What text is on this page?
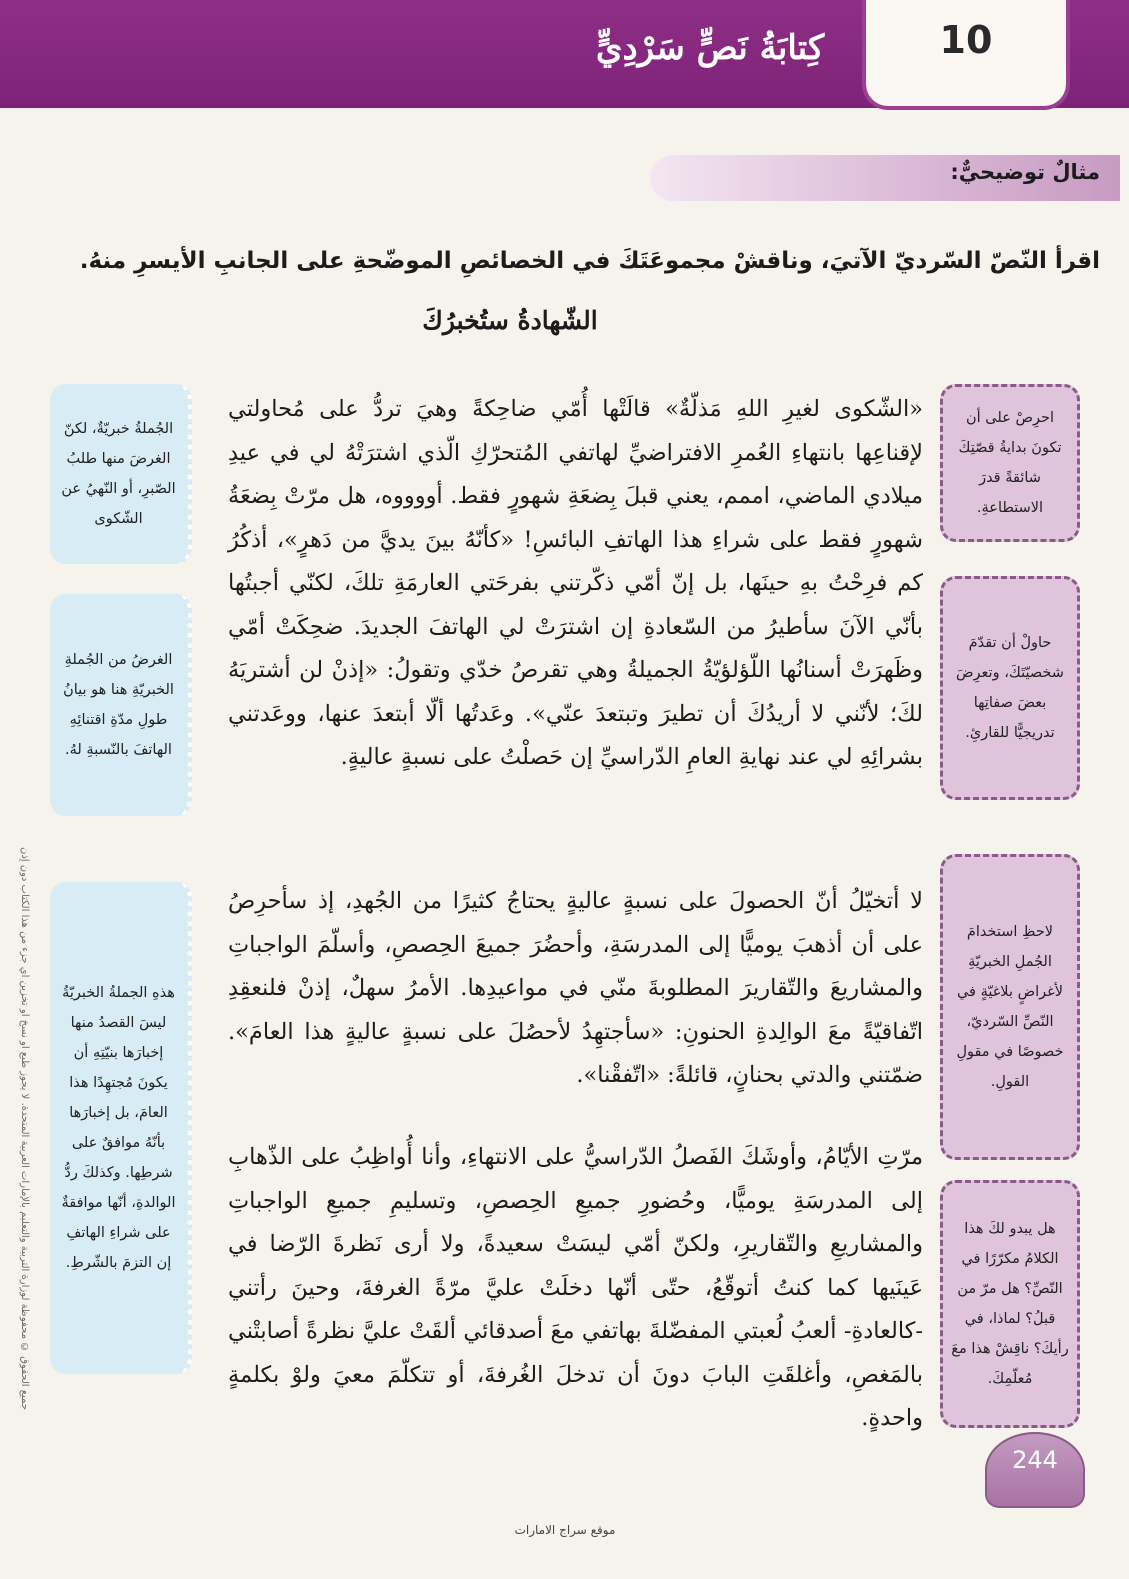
كِتابَةُ نَصٍّ سَرْدِيٍّ	10
مثالٌ توضيحيٌّ:
اقرأ النّصّ السّرديّ الآتيَ، وناقشْ مجموعَتَكَ في الخصائصِ الموضّحةِ على الجانبِ الأيسرِ منهُ.
الشّهادةُ ستُخبرُكَ

«الشّكوى لغيرِ اللهِ مَذلّةٌ» قالَتْها أُمّي ضاحِكةً وهيَ تردُّ على مُحاولتي لإقناعِها بانتهاءِ العُمرِ الافتراضيِّ لهاتفي المُتحرّكِ الّذي اشترَتْهُ لي في عيدِ ميلادي الماضي، اممم، يعني قبلَ بِضعَةِ شهورٍ فقط. أووووه، هل مرّتْ بِضعَةُ شهورٍ فقط على شراءِ هذا الهاتفِ البائسِ! «كأنّهُ بينَ يديَّ من دَهرٍ»، أذكُرُ كم فرِحْتُ بهِ حينَها، بل إنّ أمّي ذكّرتني بفرحَتي العارمَةِ تلكَ، لكنّي أجبتُها بأنّي الآنَ سأطيرُ من السّعادةِ إن اشترَتْ لي الهاتفَ الجديدَ. ضحِكَتْ أمّي وظَهرَتْ أسنانُها اللّؤلؤيّةُ الجميلةُ وهي تقرصُ خدّي وتقولُ: «إذنْ لن أشتريَهُ لكَ؛ لأنّني لا أريدُكَ أن تطيرَ وتبتعدَ عنّي». وعَدتُها ألّا أبتعدَ عنها، ووعَدتني بشرائِهِ لي عند نهايةِ العامِ الدّراسيِّ إن حَصلْتُ على نسبةٍ عاليةٍ.

لا أتخيّلُ أنّ الحصولَ على نسبةٍ عاليةٍ يحتاجُ كثيرًا من الجُهدِ، إذ سأحرِصُ على أن أذهبَ يوميًّا إلى المدرسَةِ، وأحضُرَ جميعَ الحِصصِ، وأسلّمَ الواجباتِ والمشاريعَ والتّقاريرَ المطلوبةَ منّي في مواعيدِها. الأمرُ سهلٌ، إذنْ فلنعقِدِ اتّفاقيّةً معَ الوالِدةِ الحنونِ: «سأجتهِدُ لأحصُلَ على نسبةٍ عاليةٍ هذا العامَ». ضمّتني والدتي بحنانٍ، قائلةً: «اتّفقْنا».

مرّتِ الأيّامُ، وأوشَكَ الفَصلُ الدّراسيُّ على الانتهاءِ، وأنا أُواظِبُ على الذّهابِ إلى المدرسَةِ يوميًّا، وحُضورِ جميعِ الحِصصِ، وتسليمِ جميعِ الواجباتِ والمشاريعِ والتّقاريرِ، ولكنّ أمّي ليسَتْ سعيدةً، ولا أرى نَظرةَ الرّضا في عَينَيها كما كنتُ أتوقّعُ، حتّى أنّها دخلَتْ عليَّ مرّةً الغرفةَ، وحينَ رأتني -كالعادةِ- ألعبُ لُعبتي المفضّلةَ بهاتفي معَ أصدقائي ألقَتْ عليَّ نظرةً أصابتْني بالمَغصِ، وأغلقَتِ البابَ دونَ أن تدخلَ الغُرفةَ، أو تتكلّمَ معيَ ولوْ بكلمةٍ واحدةٍ.

احرِصْ على أن تكونَ بدايةُ قصّتِكَ شائقةً قدرَ الاستطاعةِ.
حاولْ أن تقدّمَ شخصيّتَكَ، وتعرِضَ بعضَ صفاتِها تدريجيًّا للقارئِ.
لاحظِ استخدامَ الجُملِ الخبريّةِ لأغراضٍ بلاغيّةٍ في النّصِّ السّرديّ، خصوصًا في مقولِ القولِ.
هل يبدو لكَ هذا الكلامُ مكرّرًا في النّصِّ؟ هل مرّ من قبلُ؟ لماذا، في رأيكَ؟ ناقِشْ هذا معَ مُعلّمِكَ.
الجُملةُ خبريّةٌ، لكنّ الغرضَ منها طلبُ الصّبرِ، أو النّهيُ عن الشّكوى
الغرضُ من الجُملةِ الخبريّةِ هنا هو بيانُ طولِ مدّةِ اقتنائِهِ الهاتفَ بالنّسبةِ لهُ.
هذهِ الجملةُ الخبريّةُ ليسَ القصدُ منها إخبارَها بنيّتِهِ أن يكونَ مُجتهِدًا هذا العامَ، بل إخبارَها بأنّهُ موافقٌ على شرطِها. وكذلكَ ردُّ الوالدةِ، أنّها موافقةٌ على شراءِ الهاتفِ إن التزمَ بالشّرطِ.
جميع الحقوق © محفوظة لوزارة التربية والتعليم بالإمارات العربية المتحدة. لا يجوز طبع أو نسخ أو تخزين أي جزء من هذا الكتاب دون إذن
244
موقع سراج الامارات
